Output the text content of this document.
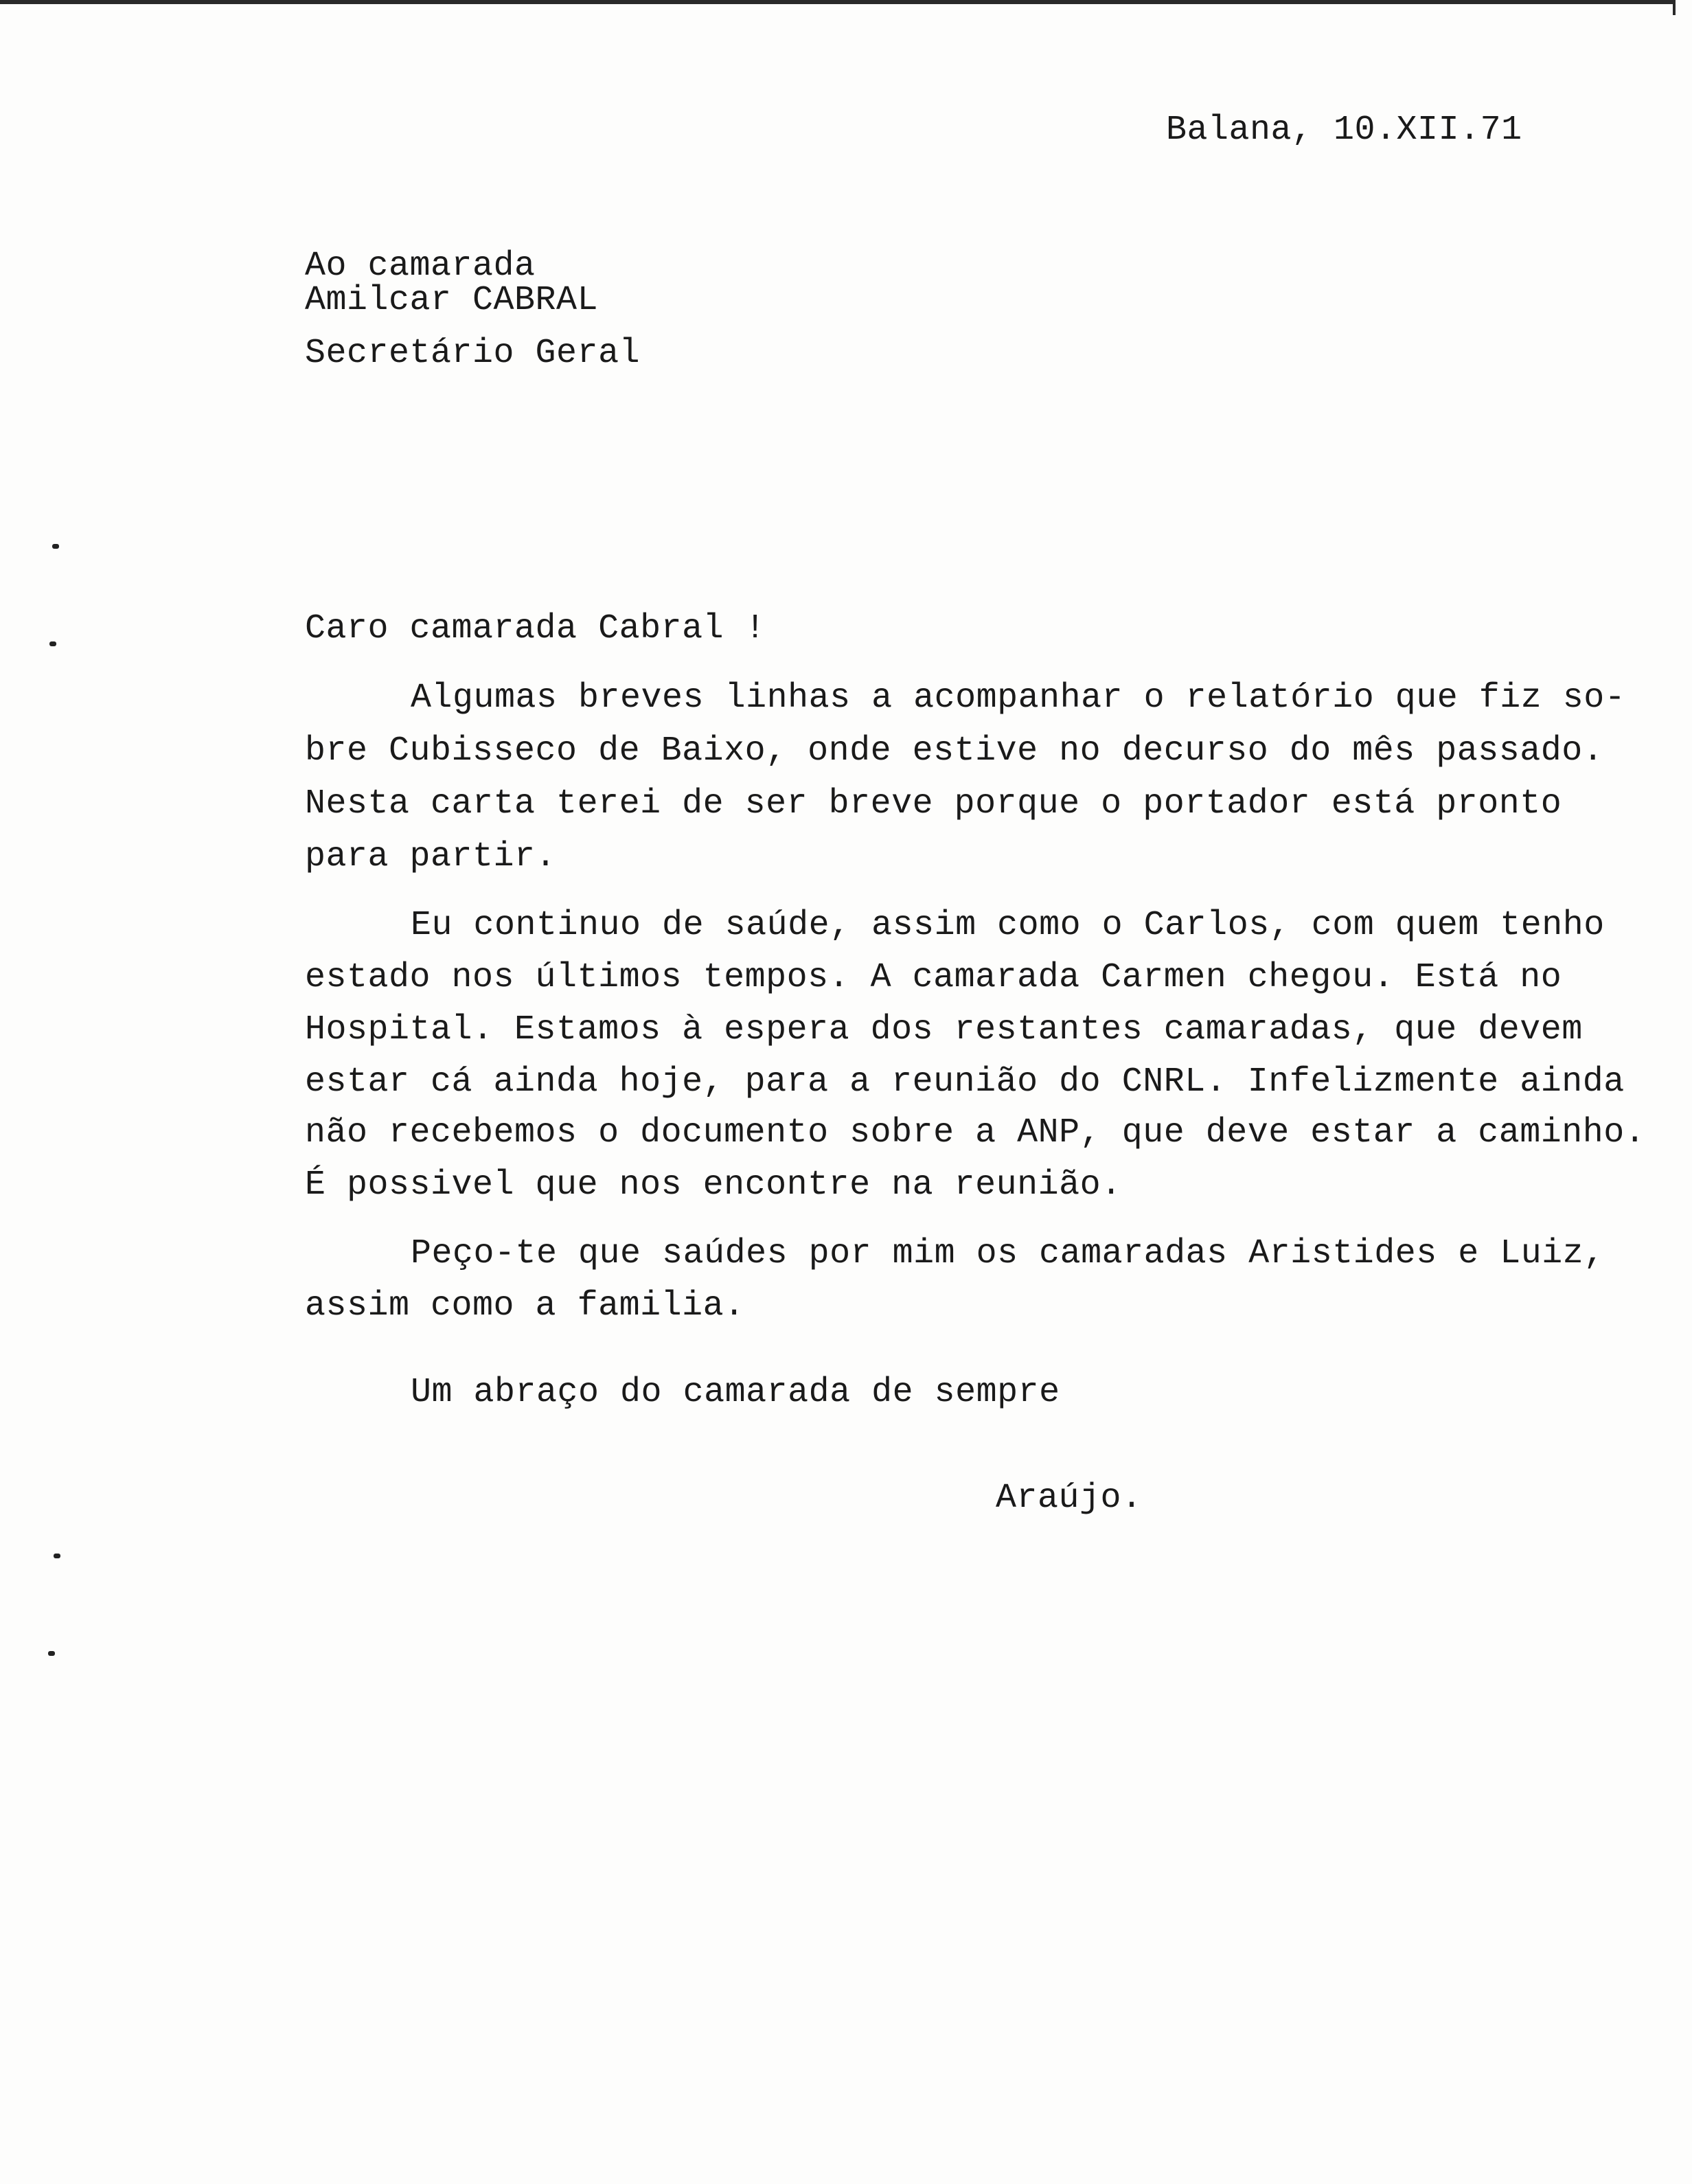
Balana, 10.XII.71
Ao camarada
Amilcar CABRAL
Secretário Geral
Caro camarada Cabral !
Algumas breves linhas a acompanhar o relatório que fiz so-
bre Cubisseco de Baixo, onde estive no decurso do mês passado.
Nesta carta terei de ser breve porque o portador está pronto
para partir.
Eu continuo de saúde, assim como o Carlos, com quem tenho
estado nos últimos tempos. A camarada Carmen chegou. Está no
Hospital. Estamos à espera dos restantes camaradas, que devem
estar cá ainda hoje, para a reunião do CNRL. Infelizmente ainda
não recebemos o documento sobre a ANP, que deve estar a caminho.
É possivel que nos encontre na reunião.
Peço-te que saúdes por mim os camaradas Aristides e Luiz,
assim como a familia.
Um abraço do camarada de sempre
Araújo.
